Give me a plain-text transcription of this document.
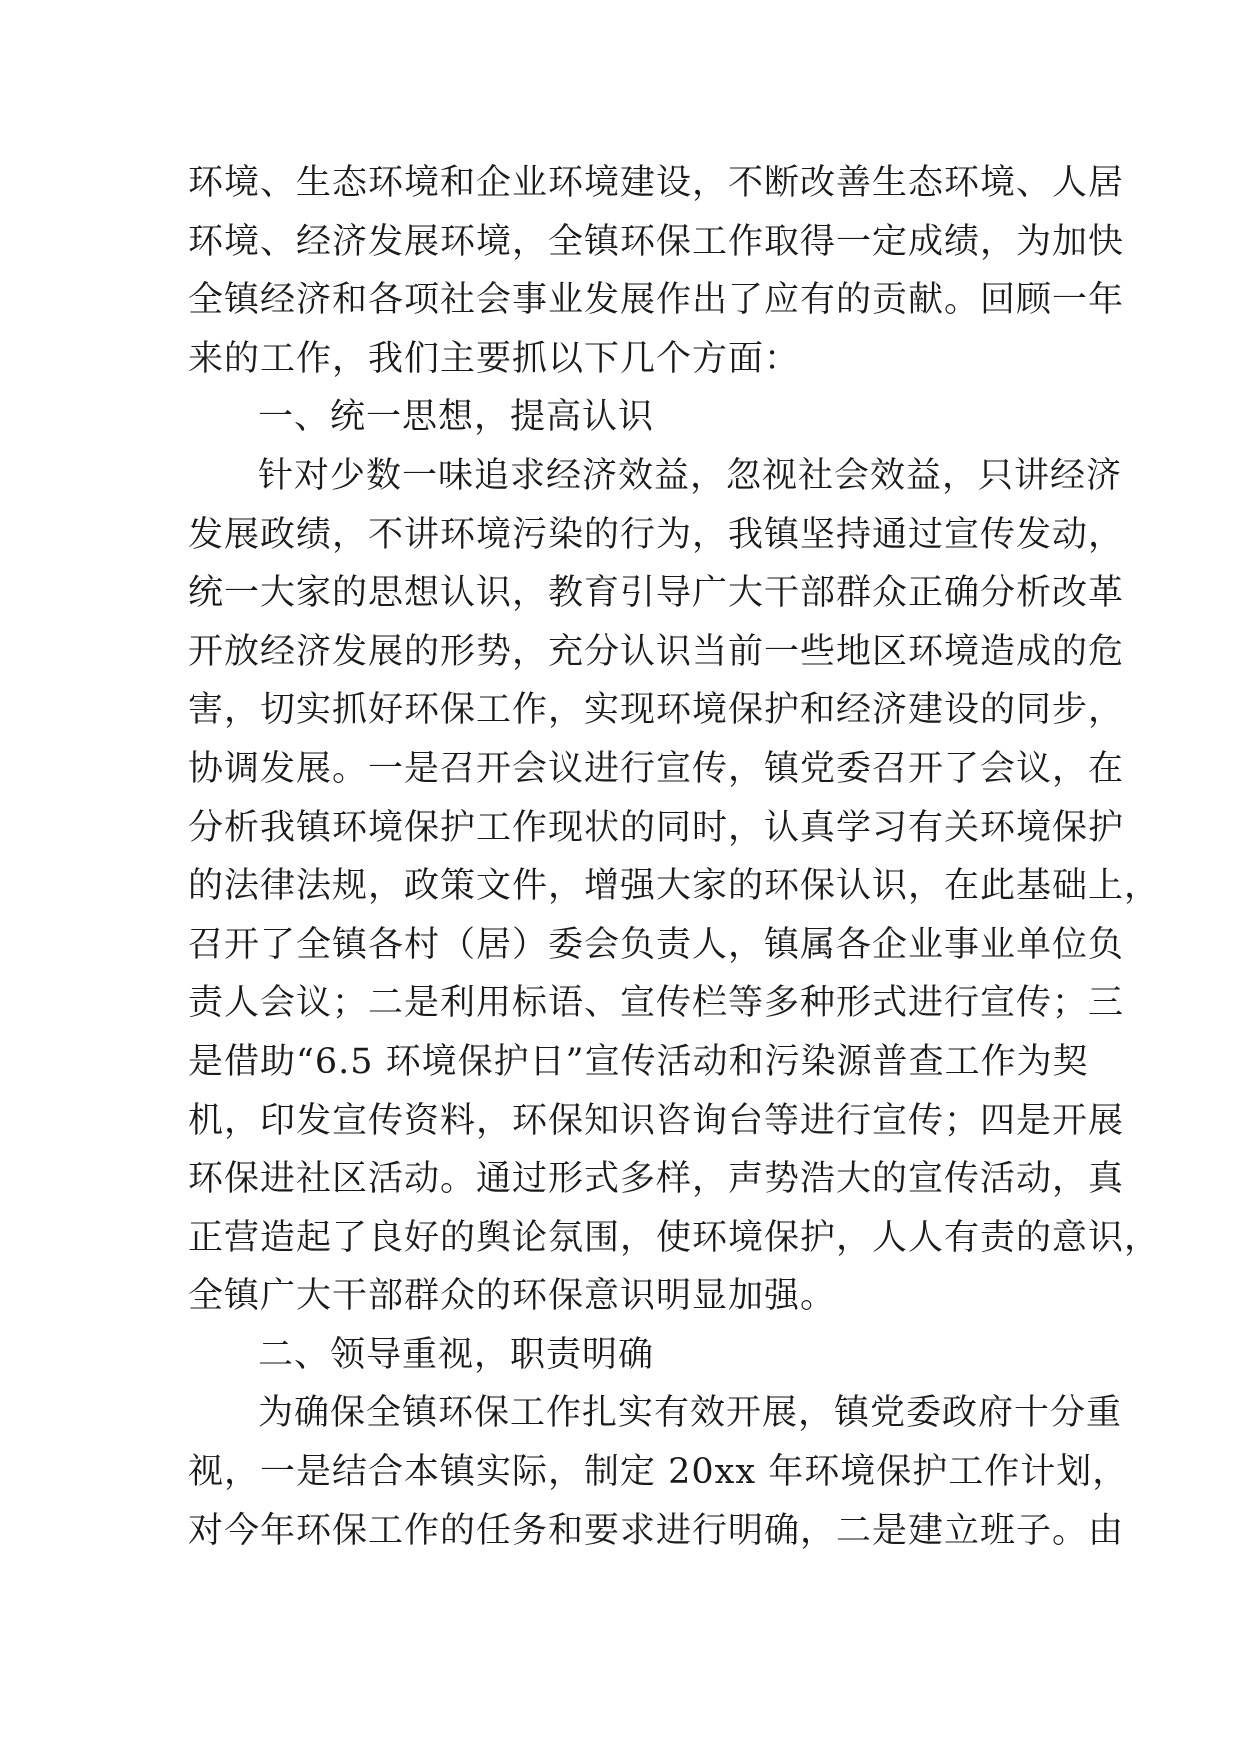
环境、生态环境和企业环境建设，不断改善生态环境、人居
环境、经济发展环境，全镇环保工作取得一定成绩，为加快
全镇经济和各项社会事业发展作出了应有的贡献。回顾一年
来的工作，我们主要抓以下几个方面：
一、统一思想，提高认识
针对少数一味追求经济效益，忽视社会效益，只讲经济
发展政绩，不讲环境污染的行为，我镇坚持通过宣传发动，
统一大家的思想认识，教育引导广大干部群众正确分析改革
开放经济发展的形势，充分认识当前一些地区环境造成的危
害，切实抓好环保工作，实现环境保护和经济建设的同步，
协调发展。一是召开会议进行宣传，镇党委召开了会议，在
分析我镇环境保护工作现状的同时，认真学习有关环境保护
的法律法规，政策文件，增强大家的环保认识，在此基础上，
召开了全镇各村（居）委会负责人，镇属各企业事业单位负
责人会议；二是利用标语、宣传栏等多种形式进行宣传；三
是借助“6.5 环境保护日”宣传活动和污染源普查工作为契
机，印发宣传资料，环保知识咨询台等进行宣传；四是开展
环保进社区活动。通过形式多样，声势浩大的宣传活动，真
正营造起了良好的舆论氛围，使环境保护，人人有责的意识，
全镇广大干部群众的环保意识明显加强。
二、领导重视，职责明确
为确保全镇环保工作扎实有效开展，镇党委政府十分重
视，一是结合本镇实际，制定 20xx 年环境保护工作计划，
对今年环保工作的任务和要求进行明确，二是建立班子。由
